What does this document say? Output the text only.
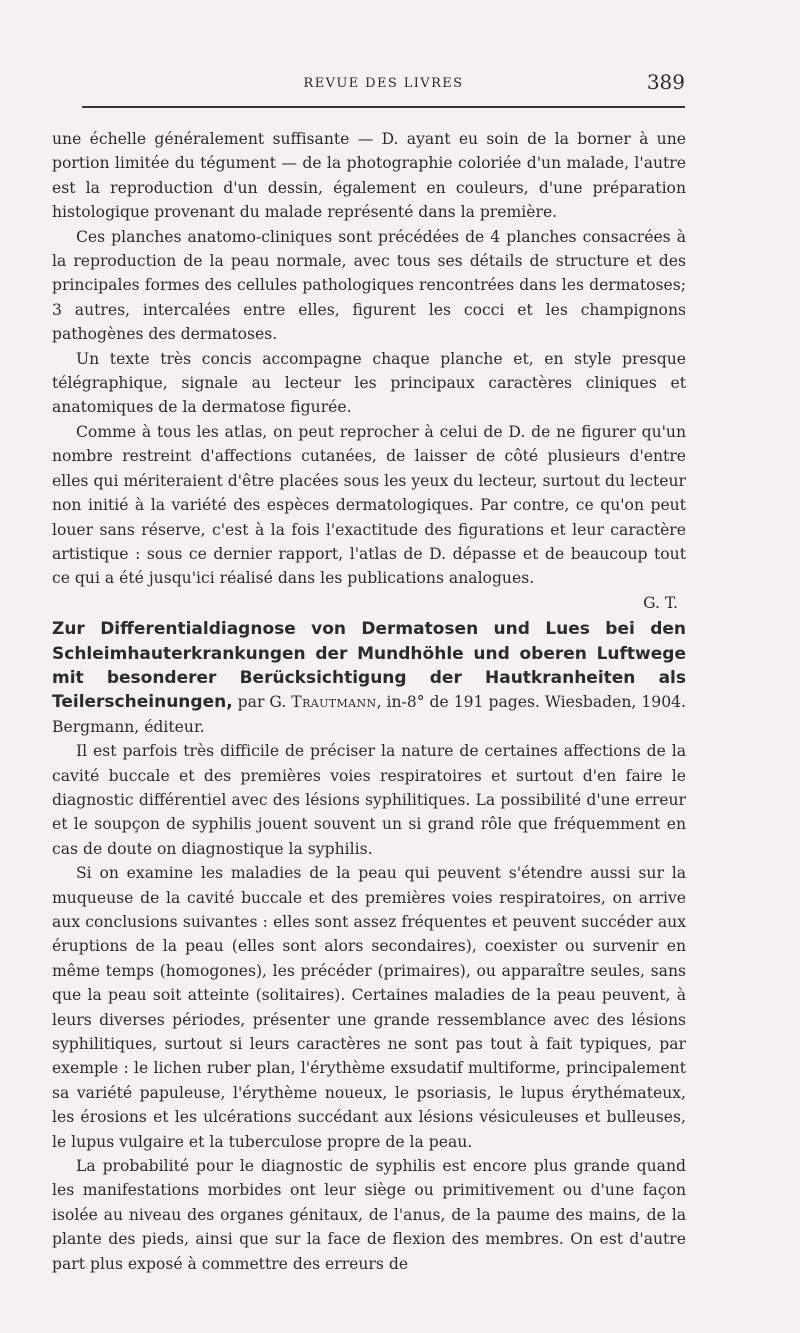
REVUE DES LIVRES	389

une échelle généralement suffisante — D. ayant eu soin de la borner à une portion limitée du tégument — de la photographie coloriée d'un malade, l'autre est la reproduction d'un dessin, également en couleurs, d'une préparation histologique provenant du malade représenté dans la première.

Ces planches anatomo-cliniques sont précédées de 4 planches consacrées à la reproduction de la peau normale, avec tous ses détails de structure et des principales formes des cellules pathologiques rencontrées dans les dermatoses; 3 autres, intercalées entre elles, figurent les cocci et les champignons pathogènes des dermatoses.

Un texte très concis accompagne chaque planche et, en style presque télégraphique, signale au lecteur les principaux caractères cliniques et anatomiques de la dermatose figurée.

Comme à tous les atlas, on peut reprocher à celui de D. de ne figurer qu'un nombre restreint d'affections cutanées, de laisser de côté plusieurs d'entre elles qui mériteraient d'être placées sous les yeux du lecteur, surtout du lecteur non initié à la variété des espèces dermatologiques. Par contre, ce qu'on peut louer sans réserve, c'est à la fois l'exactitude des figurations et leur caractère artistique : sous ce dernier rapport, l'atlas de D. dépasse et de beaucoup tout ce qui a été jusqu'ici réalisé dans les publications analogues.

G. T.

Zur Differentialdiagnose von Dermatosen und Lues bei den Schleimhauterkrankungen der Mundhöhle und oberen Luftwege mit besonderer Berücksichtigung der Hautkranheiten als Teilerscheinungen, par G. Trautmann, in-8° de 191 pages. Wiesbaden, 1904. Bergmann, éditeur.

Il est parfois très difficile de préciser la nature de certaines affections de la cavité buccale et des premières voies respiratoires et surtout d'en faire le diagnostic différentiel avec des lésions syphilitiques. La possibilité d'une erreur et le soupçon de syphilis jouent souvent un si grand rôle que fréquemment en cas de doute on diagnostique la syphilis.

Si on examine les maladies de la peau qui peuvent s'étendre aussi sur la muqueuse de la cavité buccale et des premières voies respiratoires, on arrive aux conclusions suivantes : elles sont assez fréquentes et peuvent succéder aux éruptions de la peau (elles sont alors secondaires), coexister ou survenir en même temps (homogones), les précéder (primaires), ou apparaître seules, sans que la peau soit atteinte (solitaires). Certaines maladies de la peau peuvent, à leurs diverses périodes, présenter une grande ressemblance avec des lésions syphilitiques, surtout si leurs caractères ne sont pas tout à fait typiques, par exemple : le lichen ruber plan, l'érythème exsudatif multiforme, principalement sa variété papuleuse, l'érythème noueux, le psoriasis, le lupus érythémateux, les érosions et les ulcérations succédant aux lésions vésiculeuses et bulleuses, le lupus vulgaire et la tuberculose propre de la peau.

La probabilité pour le diagnostic de syphilis est encore plus grande quand les manifestations morbides ont leur siège ou primitivement ou d'une façon isolée au niveau des organes génitaux, de l'anus, de la paume des mains, de la plante des pieds, ainsi que sur la face de flexion des membres. On est d'autre part plus exposé à commettre des erreurs de
